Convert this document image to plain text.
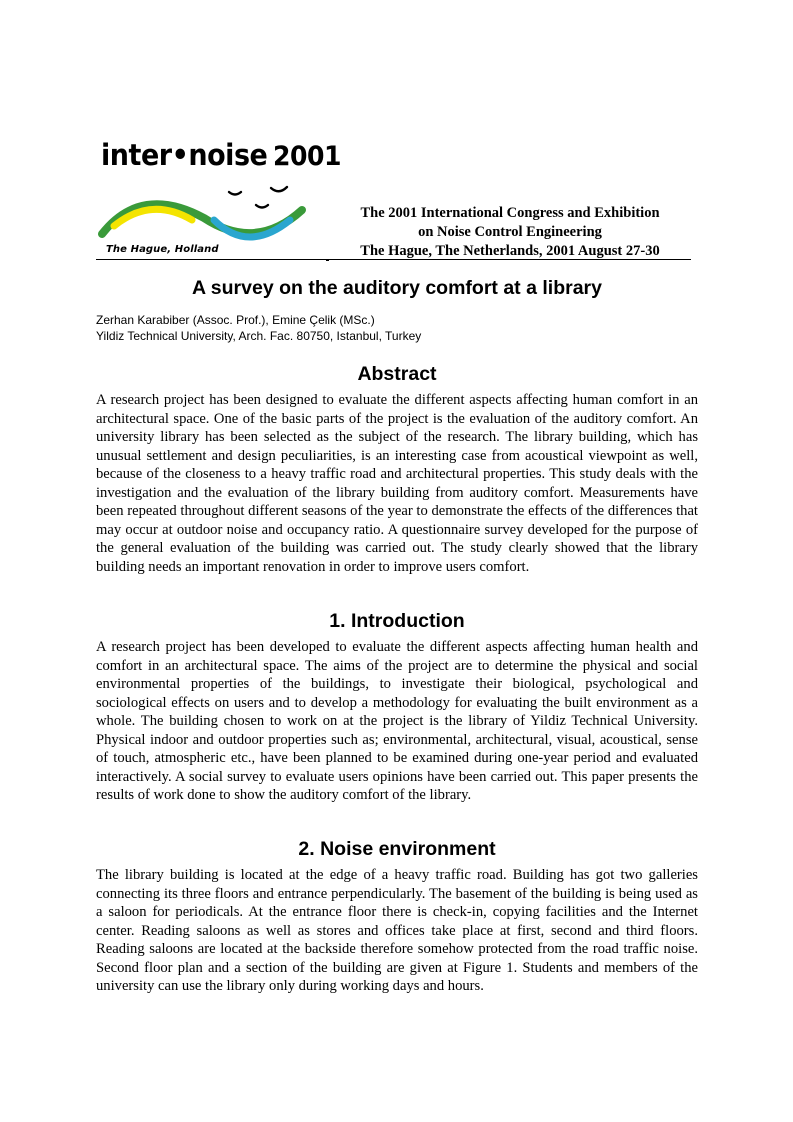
inter•noise 2001
The Hague, Holland
The 2001 International Congress and Exhibition
on Noise Control Engineering
The Hague, The Netherlands, 2001 August 27-30
A survey on the auditory comfort at a library
Zerhan Karabiber (Assoc. Prof.), Emine Çelik (MSc.)
Yildiz Technical University, Arch. Fac. 80750, Istanbul, Turkey
Abstract

A research project has been designed to evaluate the different aspects affecting human comfort in an architectural space. One of the basic parts of the project is the evaluation of the auditory comfort. An university library has been selected as the subject of the research. The library building, which has unusual settlement and design peculiarities, is an interesting case from acoustical viewpoint as well, because of the closeness to a heavy traffic road and architectural properties. This study deals with the investigation and the evaluation of the library building from auditory comfort. Measurements have been repeated throughout different seasons of the year to demonstrate the effects of the differences that may occur at outdoor noise and occupancy ratio. A questionnaire survey developed for the purpose of the general evaluation of the building was carried out. The study clearly showed that the library building needs an important renovation in order to improve users comfort.

1. Introduction

A research project has been developed to evaluate the different aspects affecting human health and comfort in an architectural space. The aims of the project are to determine the physical and social environmental properties of the buildings, to investigate their biological, psychological and sociological effects on users and to develop a methodology for evaluating the built environment as a whole. The building chosen to work on at the project is the library of Yildiz Technical University. Physical indoor and outdoor properties such as; environmental, architectural, visual, acoustical, sense of touch, atmospheric etc., have been planned to be examined during one-year period and evaluated interactively. A social survey to evaluate users opinions have been carried out. This paper presents the results of work done to show the auditory comfort of the library.

2. Noise environment

The library building is located at the edge of a heavy traffic road. Building has got two galleries connecting its three floors and entrance perpendicularly. The basement of the building is being used as a saloon for periodicals. At the entrance floor there is check-in, copying facilities and the Internet center. Reading saloons as well as stores and offices take place at first, second and third floors. Reading saloons are located at the backside therefore somehow protected from the road traffic noise. Second floor plan and a section of the building are given at Figure 1. Students and members of the university can use the library only during working days and hours.
